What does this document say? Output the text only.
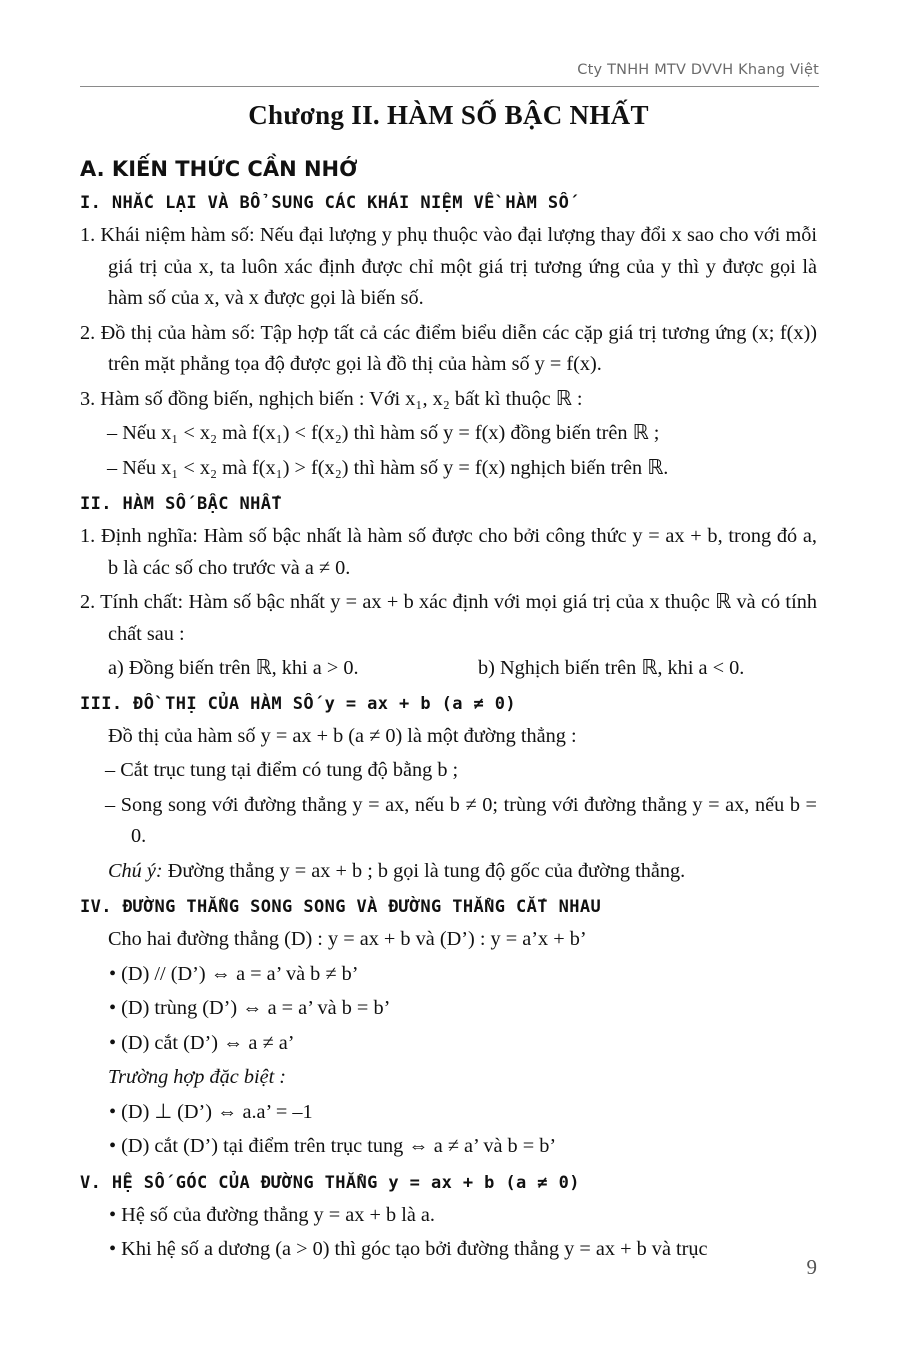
Cty TNHH MTV DVVH Khang Việt
Chương II. HÀM SỐ BẬC NHẤT
A. KIẾN THỨC CẦN NHỚ
I. NHẮC LẠI VÀ BỔ SUNG CÁC KHÁI NIỆM VỀ HÀM SỐ

1. Khái niệm hàm số: Nếu đại lượng y phụ thuộc vào đại lượng thay đổi x sao cho với mỗi giá trị của x, ta luôn xác định được chỉ một giá trị tương ứng của y thì y được gọi là hàm số của x, và x được gọi là biến số.

2. Đồ thị của hàm số: Tập hợp tất cả các điểm biểu diễn các cặp giá trị tương ứng (x; f(x)) trên mặt phẳng tọa độ được gọi là đồ thị của hàm số y = f(x).

3. Hàm số đồng biến, nghịch biến : Với x₁, x₂ bất kì thuộc ℝ :

– Nếu x₁ < x₂ mà f(x₁) < f(x₂) thì hàm số y = f(x) đồng biến trên ℝ ;

– Nếu x₁ < x₂ mà f(x₁) > f(x₂) thì hàm số y = f(x) nghịch biến trên ℝ.

II. HÀM SỐ BẬC NHẤT

1. Định nghĩa: Hàm số bậc nhất là hàm số được cho bởi công thức y = ax + b, trong đó a, b là các số cho trước và a ≠ 0.

2. Tính chất: Hàm số bậc nhất y = ax + b xác định với mọi giá trị của x thuộc ℝ và có tính chất sau :

a) Đồng biến trên ℝ, khi a > 0.	b) Nghịch biến trên ℝ, khi a < 0.
III. ĐỒ THỊ CỦA HÀM SỐ y = ax + b (a ≠ 0)

Đồ thị của hàm số y = ax + b (a ≠ 0) là một đường thẳng :

– Cắt trục tung tại điểm có tung độ bằng b ;

– Song song với đường thẳng y = ax, nếu b ≠ 0; trùng với đường thẳng y = ax, nếu b = 0.

Chú ý: Đường thẳng y = ax + b ; b gọi là tung độ gốc của đường thẳng.

IV. ĐƯỜNG THẲNG SONG SONG VÀ ĐƯỜNG THẲNG CẮT NHAU

Cho hai đường thẳng (D) : y = ax + b và (D’) : y = a’x + b’

• (D) // (D’) ⇔ a = a’ và b ≠ b’

• (D) trùng (D’) ⇔ a = a’ và b = b’

• (D) cắt (D’) ⇔ a ≠ a’

Trường hợp đặc biệt :

• (D) ⊥ (D’) ⇔ a.a’ = –1

• (D) cắt (D’) tại điểm trên trục tung ⇔ a ≠ a’ và b = b’

V. HỆ SỐ GÓC CỦA ĐƯỜNG THẲNG y = ax + b (a ≠ 0)

• Hệ số của đường thẳng y = ax + b là a.

• Khi hệ số a dương (a > 0) thì góc tạo bởi đường thẳng y = ax + b và trục

9
